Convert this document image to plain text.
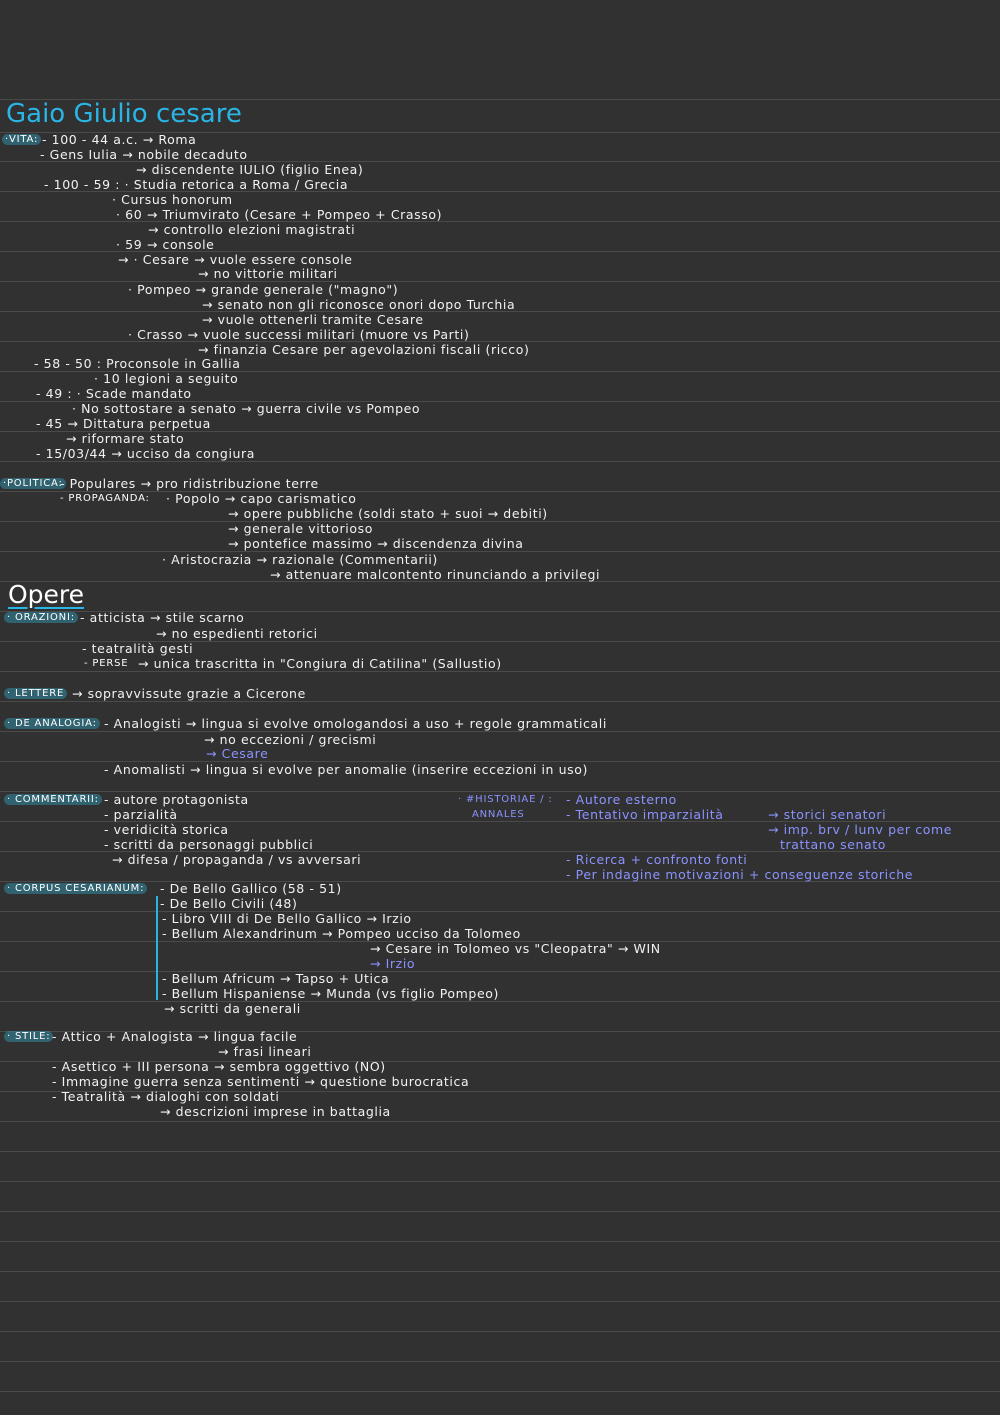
Gaio Giulio cesare
·VITA: - 100 - 44 a.c. → Roma
- Gens Iulia → nobile decaduto
→ discendente IULIO (figlio Enea)
- 100 - 59 : · Studia retorica a Roma / Grecia
· Cursus honorum
· 60 → Triumvirato (Cesare + Pompeo + Crasso)
→ controllo elezioni magistrati
· 59 → console
→ · Cesare → vuole essere console
→ no vittorie militari
· Pompeo → grande generale ("magno")
→ senato non gli riconosce onori dopo Turchia
→ vuole ottenerli tramite Cesare
· Crasso → vuole successi militari (muore vs Parti)
→ finanzia Cesare per agevolazioni fiscali (ricco)
- 58 - 50 : Proconsole in Gallia
· 10 legioni a seguito
- 49 : · Scade mandato
· No sottostare a senato → guerra civile vs Pompeo
- 45 → Dittatura perpetua
→ riformare stato
- 15/03/44 → ucciso da congiura
·POLITICA:
- Populares → pro ridistribuzione terre
- PROPAGANDA: · Popolo → capo carismatico
→ opere pubbliche (soldi stato + suoi → debiti)
→ generale vittorioso
→ pontefice massimo → discendenza divina
· Aristocrazia → razionale (Commentarii)
→ attenuare malcontento rinunciando a privilegi
Opere
· ORAZIONI: - atticista → stile scarno
→ no espedienti retorici
- teatralità gesti
- PERSE → unica trascritta in "Congiura di Catilina" (Sallustio)
· LETTERE → sopravvissute grazie a Cicerone
· DE ANALOGIA: - Analogisti → lingua si evolve omologandosi a uso + regole grammaticali
→ no eccezioni / grecismi
→ Cesare
- Anomalisti → lingua si evolve per anomalie (inserire eccezioni in uso)
· COMMENTARII: - autore protagonista
- parzialità
- veridicità storica
- scritti da personaggi pubblici
→ difesa / propaganda / vs avversari
· #HISTORIAE / :
ANNALES
- Autore esterno
- Tentativo imparzialità	→ storici senatori
→ imp. brv / lunv per come
trattano senato
- Ricerca + confronto fonti
- Per indagine motivazioni + conseguenze storiche
· CORPUS CESARIANUM: - De Bello Gallico (58 - 51)
- De Bello Civili (48)
- Libro VIII di De Bello Gallico → Irzio
- Bellum Alexandrinum → Pompeo ucciso da Tolomeo
→ Cesare in Tolomeo vs "Cleopatra" → WIN
→ Irzio
- Bellum Africum → Tapso + Utica
- Bellum Hispaniense → Munda (vs figlio Pompeo)
→ scritti da generali
· STILE: - Attico + Analogista → lingua facile
→ frasi lineari
- Asettico + III persona → sembra oggettivo (NO)
- Immagine guerra senza sentimenti → questione burocratica
- Teatralità → dialoghi con soldati
→ descrizioni imprese in battaglia
